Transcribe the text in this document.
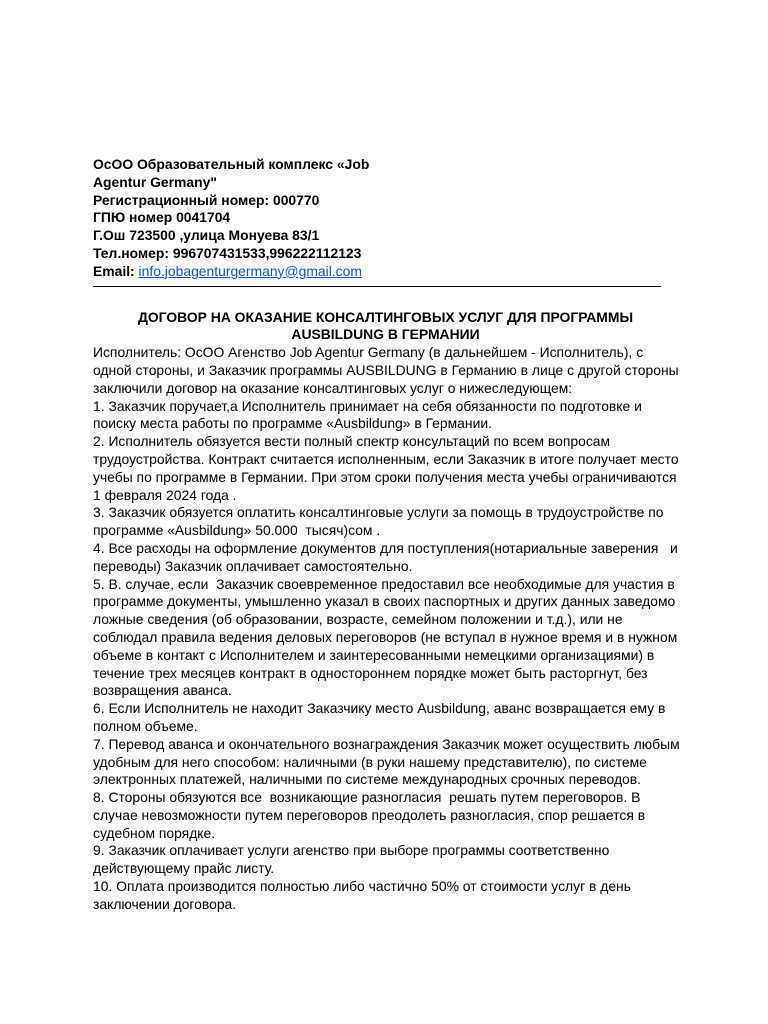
ОсОО Образовательный комплекс «Job
Agentur Germany"
Регистрационный номер: 000770
ГПЮ номер 0041704
Г.Ош 723500 ,улица Монуева 83/1
Тел.номер: 996707431533,996222112123
Email: info.jobagenturgermany@gmail.com
ДОГОВОР НА ОКАЗАНИЕ КОНСАЛТИНГОВЫХ УСЛУГ ДЛЯ ПРОГРАММЫ
AUSBILDUNG В ГЕРМАНИИ

Исполнитель: ОсОО Агенство Job Agentur Germany (в дальнейшем - Исполнитель), с одной стороны, и Заказчик программы AUSBILDUNG в Германию в лице с другой стороны заключили договор на оказание консалтинговых услуг о нижеследующем:

1. Заказчик поручает,а Исполнитель принимает на себя обязанности по подготовке и поиску места работы по программе «Ausbildung» в Германии.

2. Исполнитель обязуется вести полный спектр консультаций по всем вопросам трудоустройства. Контракт считается исполненным, если Заказчик в итоге получает место учебы по программе в Германии. При этом сроки получения места учебы ограничиваются 1 февраля 2024 года .

3. Заказчик обязуется оплатить консалтинговые услуги за помощь в трудоустройстве по  программе «Ausbildung» 50.000  тысяч)сом .

4. Все расходы на оформление документов для поступления(нотариальные заверения   и переводы) Заказчик оплачивает самостоятельно.

5. В. случае, если  Заказчик своевременное предоставил все необходимые для участия в программе документы, умышленно указал в своих паспортных и других данных заведомо ложные сведения (об образовании, возрасте, семейном положении и т.д.), или не соблюдал правила ведения деловых переговоров (не вступал в нужное время и в нужном объеме в контакт с Исполнителем и заинтересованными немецкими организациями) в течение трех месяцев контракт в одностороннем порядке может быть расторгнут, без возвращения аванса.

6. Если Исполнитель не находит Заказчику место Ausbildung, аванс возвращается ему в полном объеме.

7. Перевод аванса и окончательного вознаграждения Заказчик может осуществить любым удобным для него способом: наличными (в руки нашему представителю), по системе электронных платежей, наличными по системе международных срочных переводов.

8. Стороны обязуются все  возникающие разногласия  решать путем переговоров. В случае невозможности путем переговоров преодолеть разногласия, спор решается в судебном порядке.

9. Заказчик оплачивает услуги агенство при выборе программы соответственно действующему прайс листу.

10. Оплата производится полностью либо частично 50% от стоимости услуг в день заключении договора.
